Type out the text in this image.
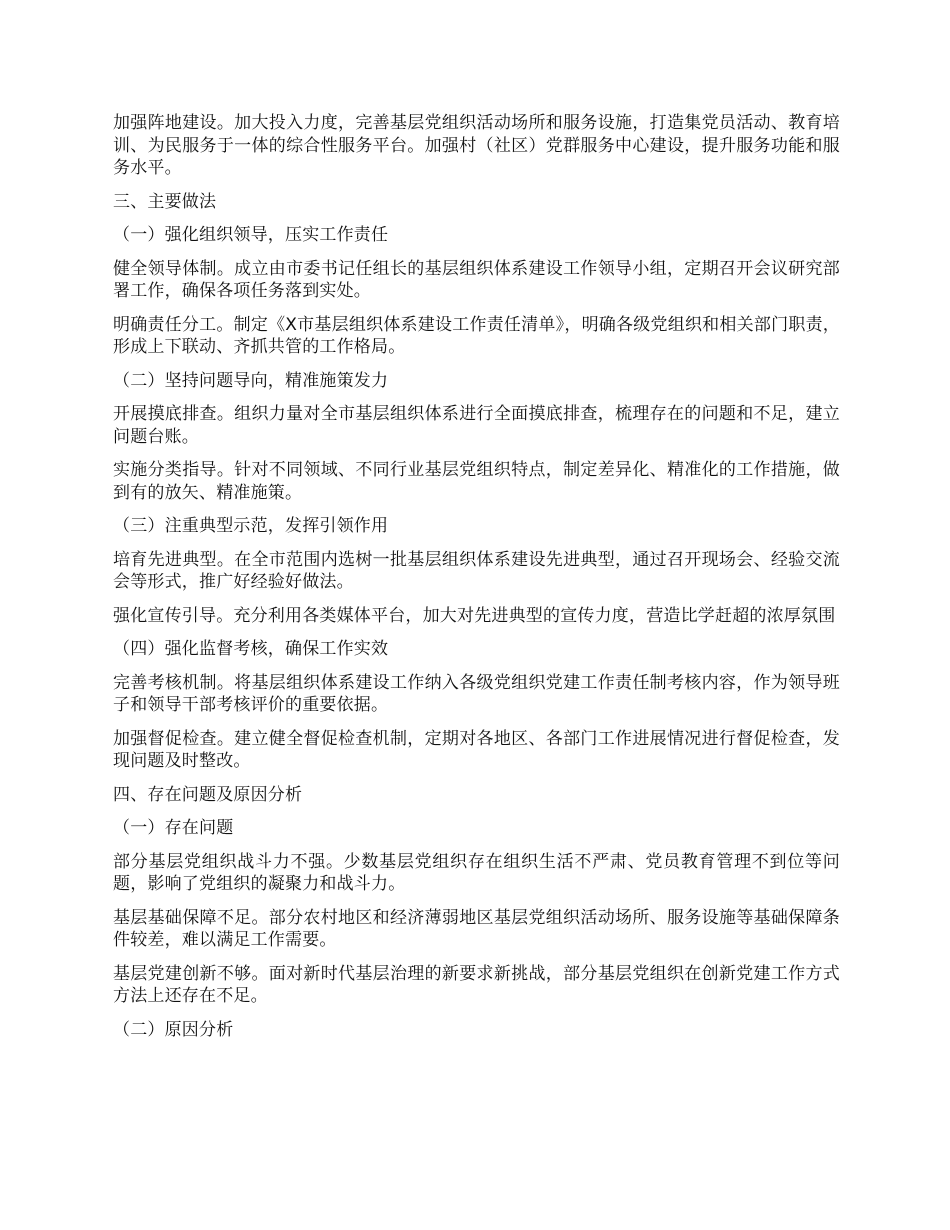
加强阵地建设。加大投入力度，完善基层党组织活动场所和服务设施，打造集党员活动、教育培训、为民服务于一体的综合性服务平台。加强村（社区）党群服务中心建设，提升服务功能和服务水平。

三、主要做法

（一）强化组织领导，压实工作责任

健全领导体制。成立由市委书记任组长的基层组织体系建设工作领导小组，定期召开会议研究部署工作，确保各项任务落到实处。

明确责任分工。制定《X市基层组织体系建设工作责任清单》，明确各级党组织和相关部门职责，形成上下联动、齐抓共管的工作格局。

（二）坚持问题导向，精准施策发力

开展摸底排查。组织力量对全市基层组织体系进行全面摸底排查，梳理存在的问题和不足，建立问题台账。

实施分类指导。针对不同领域、不同行业基层党组织特点，制定差异化、精准化的工作措施，做到有的放矢、精准施策。

（三）注重典型示范，发挥引领作用

培育先进典型。在全市范围内选树一批基层组织体系建设先进典型，通过召开现场会、经验交流会等形式，推广好经验好做法。

强化宣传引导。充分利用各类媒体平台，加大对先进典型的宣传力度，营造比学赶超的浓厚氛围

（四）强化监督考核，确保工作实效

完善考核机制。将基层组织体系建设工作纳入各级党组织党建工作责任制考核内容，作为领导班子和领导干部考核评价的重要依据。

加强督促检查。建立健全督促检查机制，定期对各地区、各部门工作进展情况进行督促检查，发现问题及时整改。

四、存在问题及原因分析

（一）存在问题

部分基层党组织战斗力不强。少数基层党组织存在组织生活不严肃、党员教育管理不到位等问题，影响了党组织的凝聚力和战斗力。

基层基础保障不足。部分农村地区和经济薄弱地区基层党组织活动场所、服务设施等基础保障条件较差，难以满足工作需要。

基层党建创新不够。面对新时代基层治理的新要求新挑战，部分基层党组织在创新党建工作方式方法上还存在不足。

（二）原因分析
